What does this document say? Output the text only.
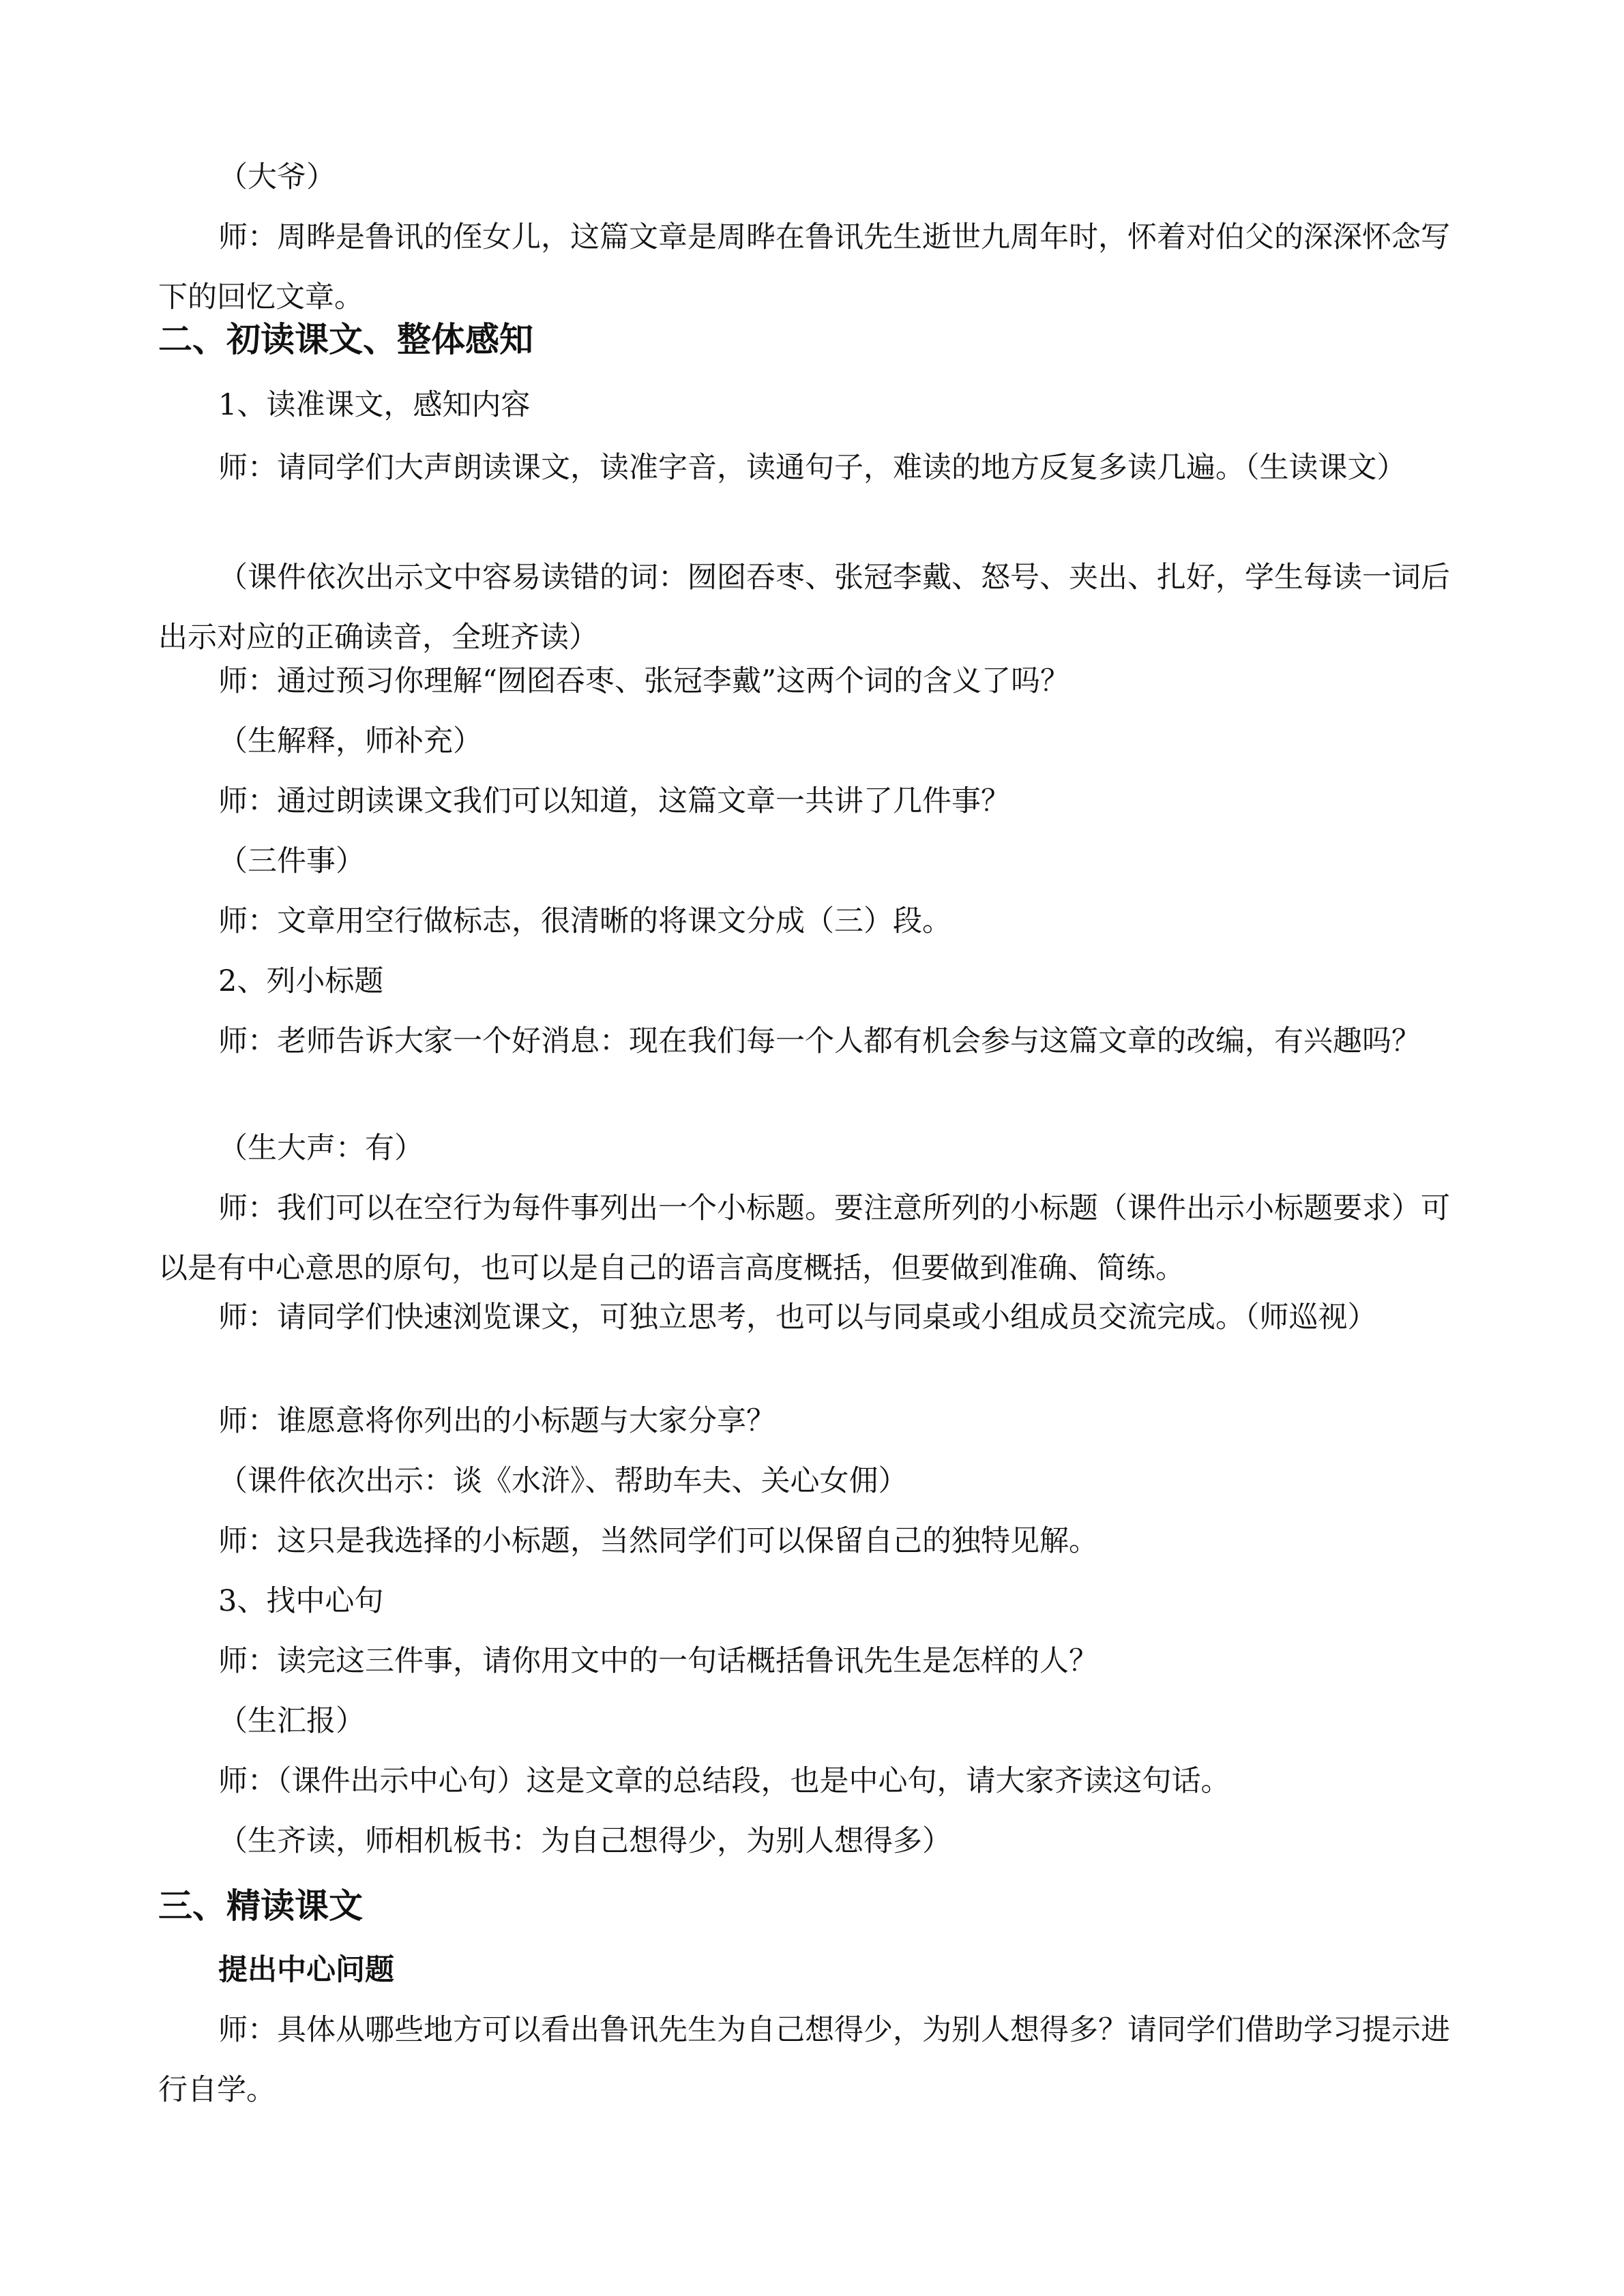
（大爷）
师：周晔是鲁讯的侄女儿，这篇文章是周晔在鲁讯先生逝世九周年时，怀着对伯父的深深怀念写下的回忆文章。
二、初读课文、整体感知
1、读准课文，感知内容
师：请同学们大声朗读课文，读准字音，读通句子，难读的地方反复多读几遍。（生读课文）
（课件依次出示文中容易读错的词：囫囵吞枣、张冠李戴、怒号、夹出、扎好，学生每读一词后出示对应的正确读音，全班齐读）
师：通过预习你理解“囫囵吞枣、张冠李戴”这两个词的含义了吗？
（生解释，师补充）
师：通过朗读课文我们可以知道，这篇文章一共讲了几件事？
（三件事）
师：文章用空行做标志，很清晰的将课文分成（三）段。
2、列小标题
师：老师告诉大家一个好消息：现在我们每一个人都有机会参与这篇文章的改编，有兴趣吗？
（生大声：有）
师：我们可以在空行为每件事列出一个小标题。要注意所列的小标题（课件出示小标题要求）可以是有中心意思的原句，也可以是自己的语言高度概括，但要做到准确、简练。
师：请同学们快速浏览课文，可独立思考，也可以与同桌或小组成员交流完成。（师巡视）
师：谁愿意将你列出的小标题与大家分享？
（课件依次出示：谈《水浒》、帮助车夫、关心女佣）
师：这只是我选择的小标题，当然同学们可以保留自己的独特见解。
3、找中心句
师：读完这三件事，请你用文中的一句话概括鲁讯先生是怎样的人？
（生汇报）
师：（课件出示中心句）这是文章的总结段，也是中心句，请大家齐读这句话。
（生齐读，师相机板书：为自己想得少，为别人想得多）
三、精读课文
提出中心问题
师：具体从哪些地方可以看出鲁讯先生为自己想得少，为别人想得多？请同学们借助学习提示进行自学。
